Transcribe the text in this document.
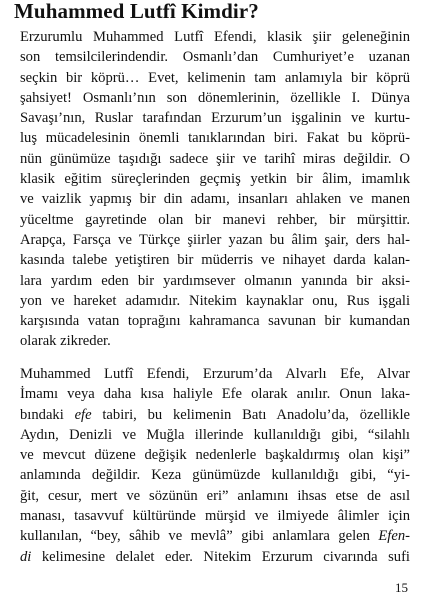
Muhammed Lutfî Kimdir?
Erzurumlu Muhammed Lutfî Efendi, klasik şiir geleneğinin
son temsilcilerindendir. Osmanlı’dan Cumhuriyet’e uzanan
seçkin bir köprü… Evet, kelimenin tam anlamıyla bir köprü
şahsiyet! Osmanlı’nın son dönemlerinin, özellikle I. Dünya
Savaşı’nın, Ruslar tarafından Erzurum’un işgalinin ve kurtu-
luş mücadelesinin önemli tanıklarından biri. Fakat bu köprü-
nün günümüze taşıdığı sadece şiir ve tarihî miras değildir. O
klasik eğitim süreçlerinden geçmiş yetkin bir âlim, imamlık
ve vaizlik yapmış bir din adamı, insanları ahlaken ve manen
yüceltme gayretinde olan bir manevi rehber, bir mürşittir.
Arapça, Farsça ve Türkçe şiirler yazan bu âlim şair, ders hal-
kasında talebe yetiştiren bir müderris ve nihayet darda kalan-
lara yardım eden bir yardımsever olmanın yanında bir aksi-
yon ve hareket adamıdır. Nitekim kaynaklar onu, Rus işgali
karşısında vatan toprağını kahramanca savunan bir kumandan
olarak zikreder.
Muhammed Lutfî Efendi, Erzurum’da Alvarlı Efe, Alvar
İmamı veya daha kısa haliyle Efe olarak anılır. Onun laka-
bındaki efe tabiri, bu kelimenin Batı Anadolu’da, özellikle
Aydın, Denizli ve Muğla illerinde kullanıldığı gibi, “silahlı
ve mevcut düzene değişik nedenlerle başkaldırmış olan kişi”
anlamında değildir. Keza günümüzde kullanıldığı gibi, “yi-
ğit, cesur, mert ve sözünün eri” anlamını ihsas etse de asıl
manası, tasavvuf kültüründe mürşid ve ilmiyede âlimler için
kullanılan, “bey, sâhib ve mevlâ” gibi anlamlara gelen Efen-
di kelimesine delalet eder. Nitekim Erzurum civarında sufi
15
